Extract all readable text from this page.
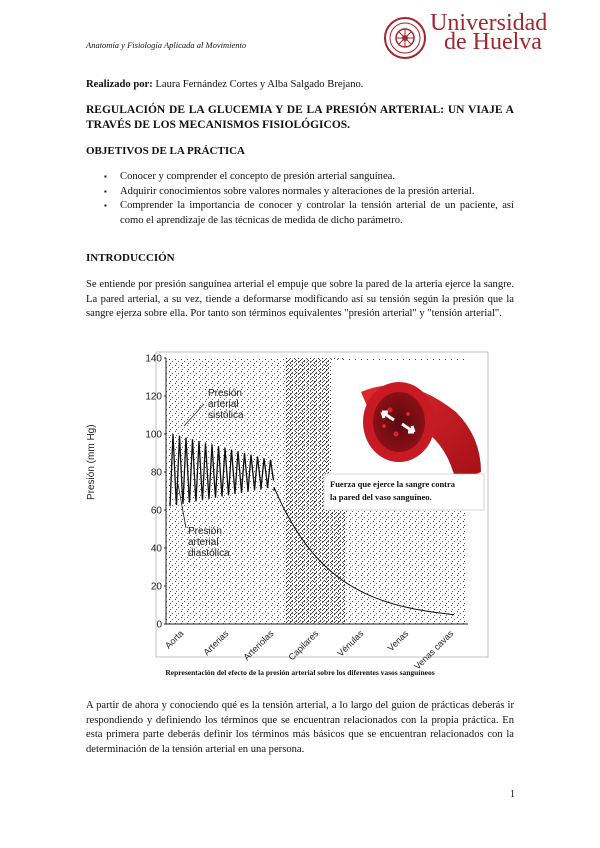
Anatomía y Fisiología Aplicada al Movimiento
Universidad
de Huelva
Realizado por: Laura Fernández Cortes y Alba Salgado Brejano.
REGULACIÓN DE LA GLUCEMIA Y DE LA PRESIÓN ARTERIAL: UN VIAJE A TRAVÉS DE LOS MECANISMOS FISIOLÓGICOS.
OBJETIVOS DE LA PRÁCTICA
▪ Conocer y comprender el concepto de presión arterial sanguínea.
▪ Adquirir conocimientos sobre valores normales y alteraciones de la presión arterial.
▪ Comprender la importancia de conocer y controlar la tensión arterial de un paciente, así como el aprendizaje de las técnicas de medida de dicho parámetro.
INTRODUCCIÓN
Se entiende por presión sanguínea arterial el empuje que sobre la pared de la arteria ejerce la sangre. La pared arterial, a su vez, tiende a deformarse modificando así su tensión según la presión que la sangre ejerza sobre ella. Por tanto son términos equivalentes "presión arterial" y "tensión arterial".
0
20
40
60
80
100
120
140
Aorta Arterias Arteriolas Capilares Vénulas Venas Venas cavas
Presión
arterial
sistólica
Presión
arterial
diastólica
Fuerza que ejerce la sangre contra
la pared del vaso sanguíneo.
Presión (mm Hg)
Representación del efecto de la presión arterial sobre los diferentes vasos sanguíneos
A partir de ahora y conociendo qué es la tensión arterial, a lo largo del guion de prácticas deberás ir respondiendo y definiendo los términos que se encuentran relacionados con la propia práctica. En esta primera parte deberás definir los términos más básicos que se encuentran relacionados con la determinación de la tensión arterial en una persona.
1
